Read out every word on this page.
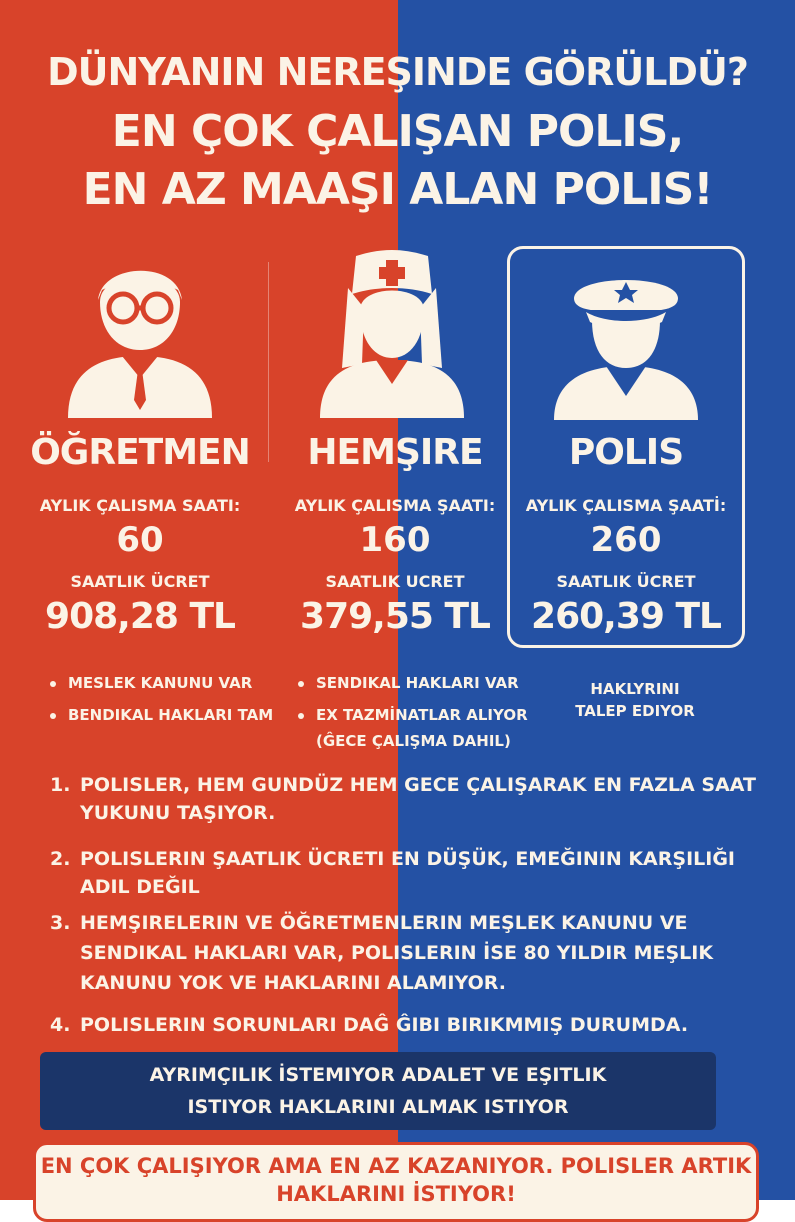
DÜNYANIN NEREŞINDE GÖRÜLDÜ?
EN ÇOK ÇALIŞAN POLIS,
EN AZ MAAŞI ALAN POLIS!
ÖĞRETMEN
AYLIK ÇALISMA SAATI:
60
SAATLIK ÜCRET
908,28 TL
HEMŞIRE
AYLIK ÇALISMA ŞAATI:
160
SAATLIK UCRET
379,55 TL
POLIS
AYLIK ÇALISMA ŞAATİ:
260
SAATLIK ÜCRET
260,39 TL
MESLEK KANUNU VAR
BENDIKAL HAKLARI TAM
SENDIKAL HAKLARI VAR
EX TAZMİNATLAR ALIYOR
(ĜECE ÇALIŞMA DAHIL)
HAKLYRINI
TALEP EDIYOR
1. POLISLER, HEM GUNDÜZ HEM GECE ÇALIŞARAK EN FAZLA SAAT
YUKUNU TAŞIYOR.
2. POLISLERIN ŞAATLIK ÜCRETI EN DÜŞÜK, EMEĞININ KARŞILIĞI
ADIL DEĞIL
3. HEMŞIRELERIN VE ÖĞRETMENLERIN MEŞLEK KANUNU VE
SENDIKAL HAKLARI VAR, POLISLERIN İSE 80 YILDIR MEŞLIK
KANUNU YOK VE HAKLARINI ALAMIYOR.
4. POLISLERIN SORUNLARI DAĜ ĜIBI BIRIKMMIŞ DURUMDA.
AYRIMÇILIK İSTEMIYOR ADALET VE EŞITLIK
ISTIYOR HAKLARINI ALMAK ISTIYOR
EN ÇOK ÇALIŞIYOR AMA EN AZ KAZANIYOR. POLISLER ARTIK
HAKLARINI İSTIYOR!
